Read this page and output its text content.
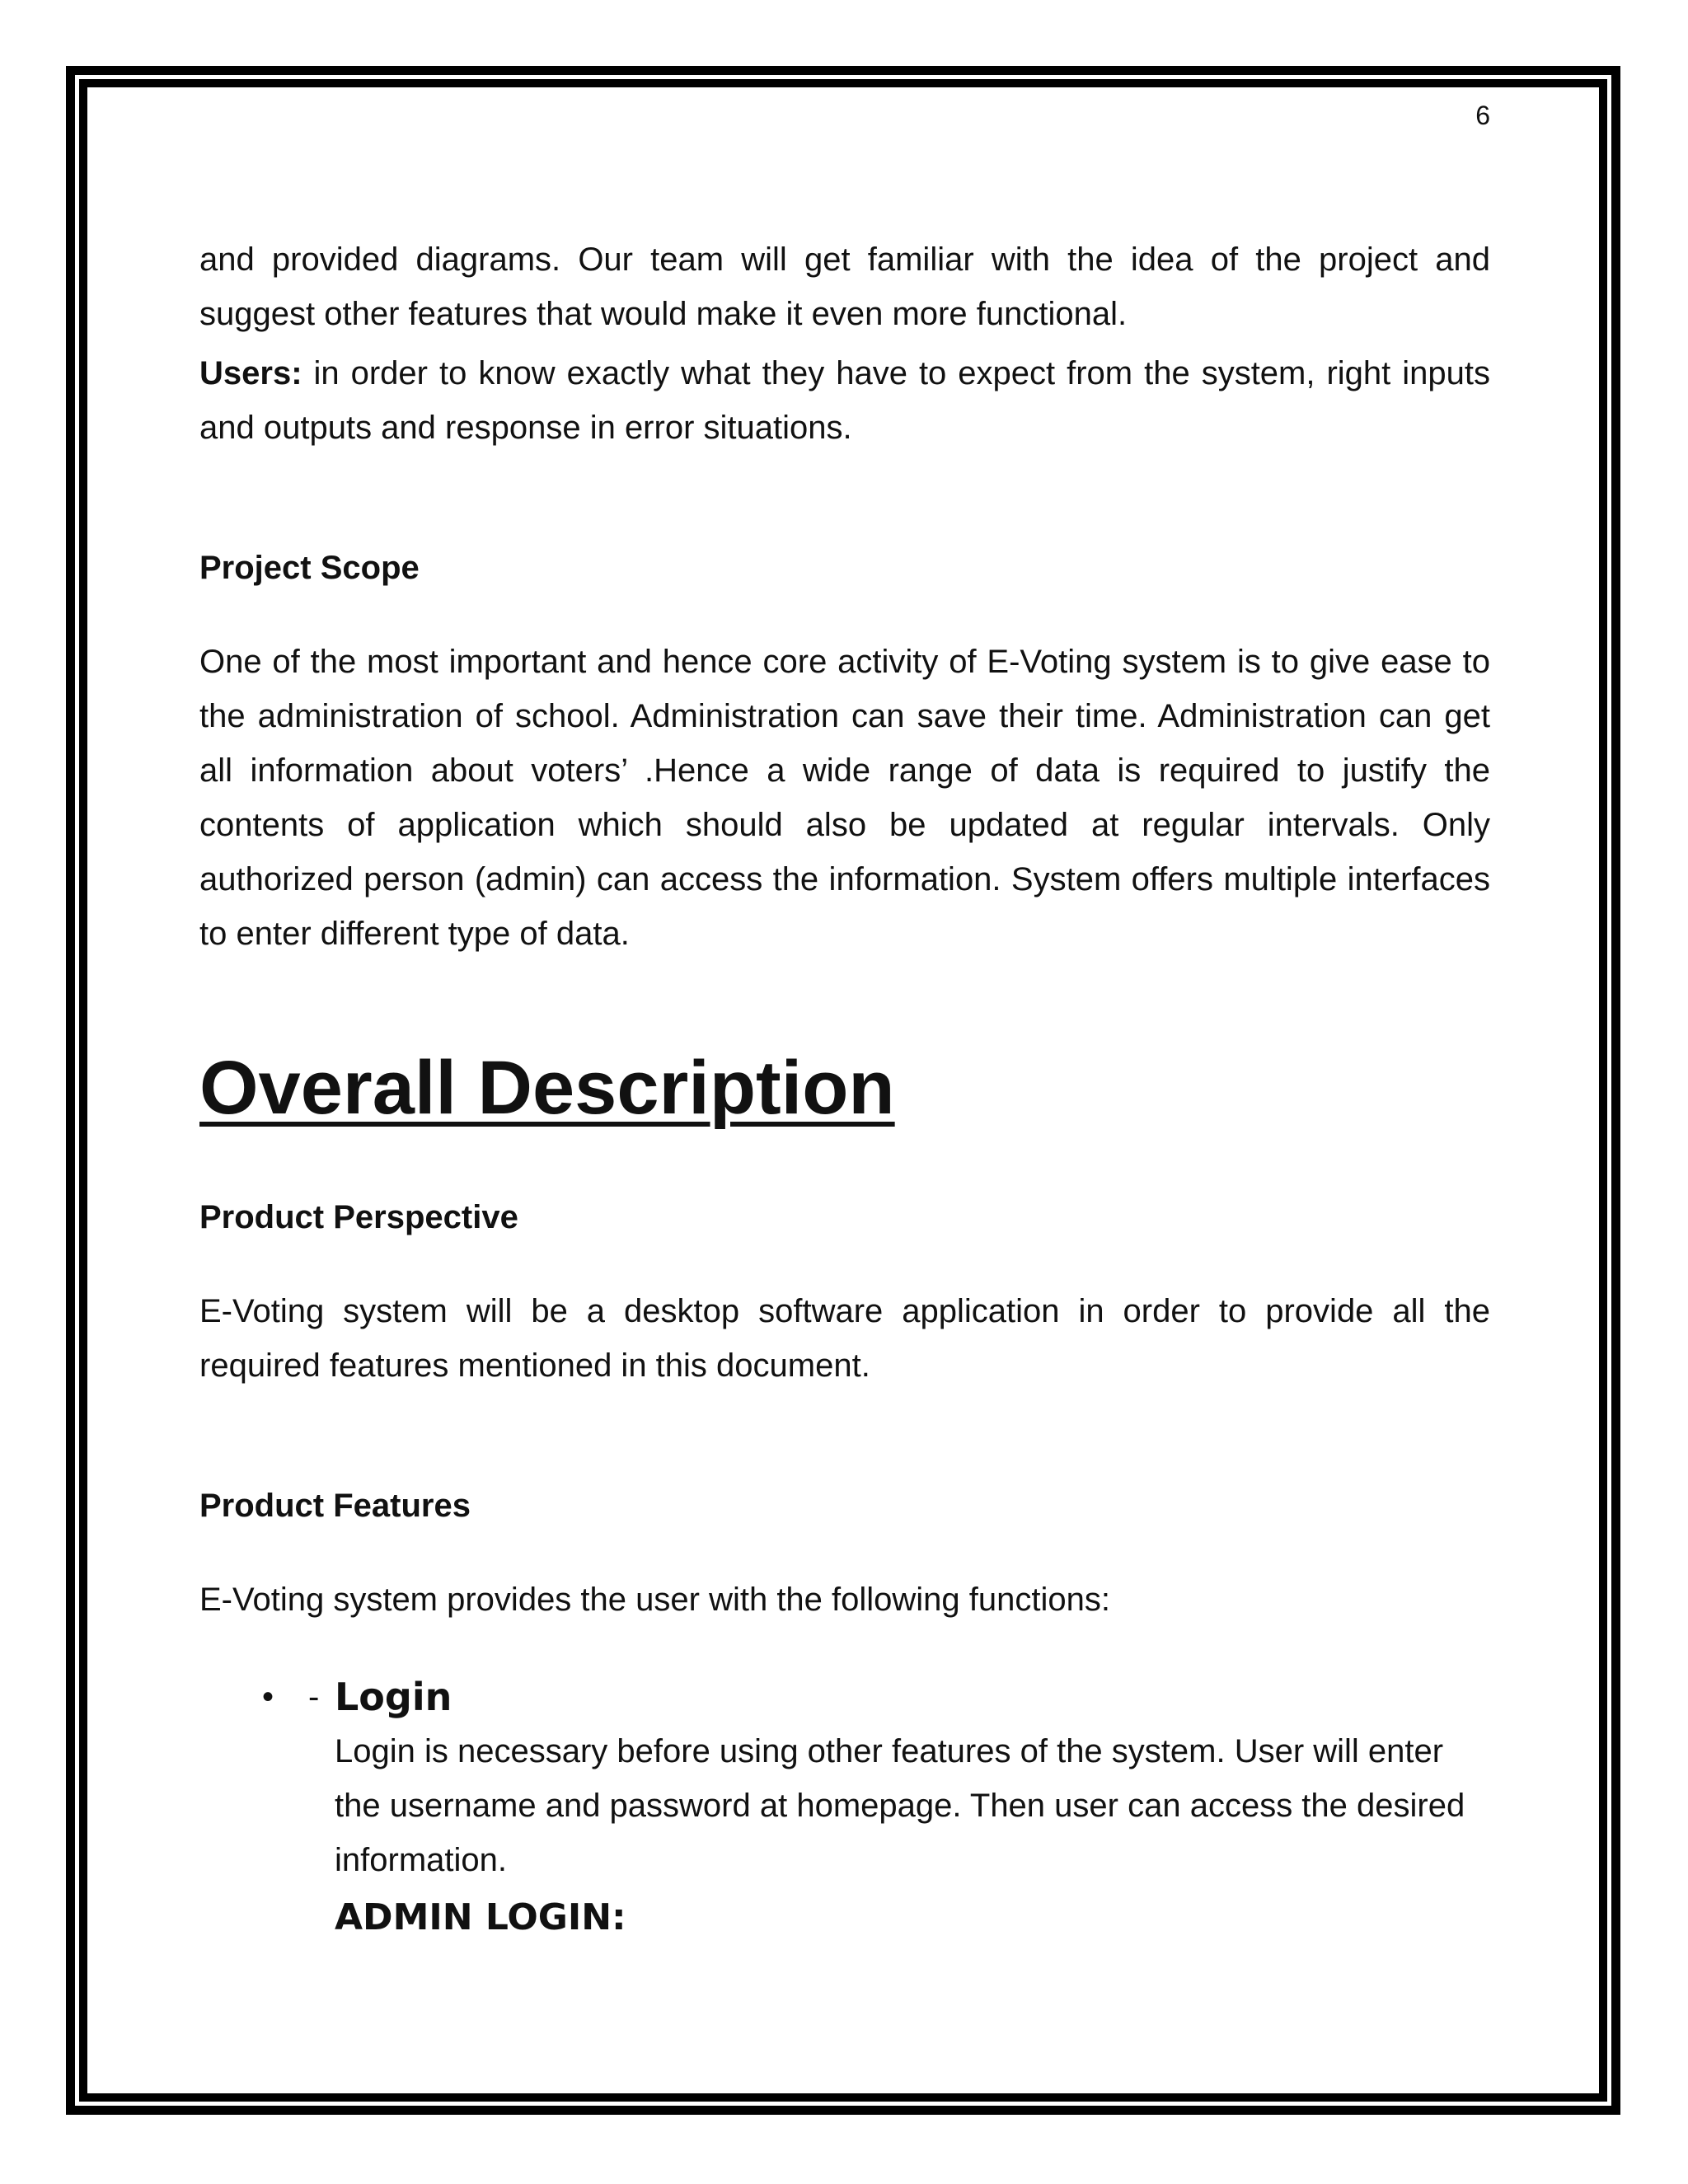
6

and provided diagrams. Our team will get familiar with the idea of the project and suggest other features that would make it even more functional.

Users: in order to know exactly what they have to expect from the system, right inputs and outputs and response in error situations.

Project Scope

One of the most important and hence core activity of E-Voting system is to give ease to the administration of school. Administration can save their time. Administration can get all information about voters’ .Hence a wide range of data is required to justify the contents of application which should also be updated at regular intervals. Only authorized person (admin) can access the information. System offers multiple interfaces to enter different type of data.

Overall Description
Product Perspective

E-Voting system will be a desktop software application in order to provide all the required features mentioned in this document.

Product Features

E-Voting system provides the user with the following functions:

• - Login
Login is necessary before using other features of the system. User will enter the username and password at homepage. Then user can access the desired information.
ADMIN LOGIN:
